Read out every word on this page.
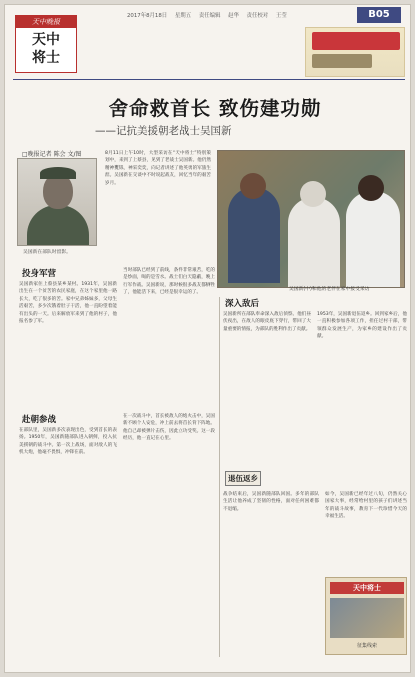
天中晚报
天中
将士
2017年8月18日 星期五 责任编辑 赵华 责任校对 王莹	B05
舍命救首长 致伤建功勋
——记抗美援朝老战士吴国新
□晚报记者 陈会 文/图
吴国新在部队时留影。
8月11日上午10时，大型采访在“天中将士”特别策划中，来到了上蔡县，见到了老战士吴国新。他仍然精神矍铄，神采奕奕，向记者讲述了他英勇的军旅生涯。吴国新在交谈中不时说起战友，回忆当年的艰苦岁月。
吴国新(中)和他的老伴在家中接受采访
投身军营
吴国新家住上蔡县某乡某村。1931年，吴国新出生在一个贫苦的农民家庭，在这个家里他一路长大，吃了很多的苦。家中兄弟姊妹多，父母生活艰苦，多少次饿着肚子干活，他一直盼望着能有出头的一天。后来解放军来到了他的村子，他报名参了军。
当时部队已经到了前线，条件非常艰苦，吃的是炒面，喝的是雪水。战士们白天隐蔽，晚上行军作战。吴国新说，那时候很多战友都牺牲了，他能活下来，已经是很幸运的了。
赴朝参战
在部队里，吴国新多次表现出色，受到首长的表扬。1950年，吴国新随部队进入朝鲜，投入抗美援朝的战斗中。第一次上战场，面对敌人的飞机大炮，他毫不畏惧，冲锋在前。
在一次战斗中，首长被敌人的炮火击中，吴国新不顾个人安危，冲上前去将首长背下阵地。他自己却被弹片击伤，因此立功受奖。这一段经历，他一直记在心里。
深入敌后
吴国新所在部队奉命深入敌后侦察。他们昼伏夜出，在敌人的眼皮底下穿行，带回了大量重要的情报，为部队的胜利作出了贡献。
1953年，吴国新退伍返乡。回到家乡后，他一直积极参加各项工作，担任过村干部，带领群众发展生产，为家乡的建设作出了贡献。
退伍返乡
战争结束后，吴国新随部队回国。多年的部队生活让他养成了坚韧的性格，面对任何困难都不退缩。
如今，吴国新已经年过八旬，仍然关心国家大事，经常给村里的孩子们讲述当年的战斗故事，教育下一代珍惜今天的幸福生活。
天中将士
征集线索
